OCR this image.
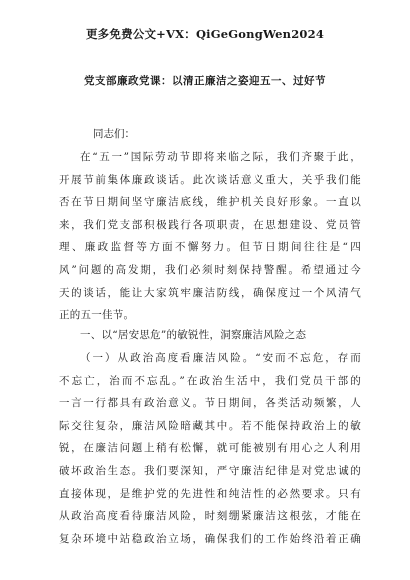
更多免费公文+VX：QiGeGongWen2024
党支部廉政党课：以清正廉洁之姿迎五一、过好节
同志们：
在“五一”国际劳动节即将来临之际，我们齐聚于此，
开展节前集体廉政谈话。此次谈话意义重大，关乎我们能
否在节日期间坚守廉洁底线，维护机关良好形象。一直以
来，我们党支部积极践行各项职责，在思想建设、党员管
理、廉政监督等方面不懈努力。但节日期间往往是“四
风”问题的高发期，我们必须时刻保持警醒。希望通过今
天的谈话，能让大家筑牢廉洁防线，确保度过一个风清气
正的五一佳节。
一、以“居安思危”的敏锐性，洞察廉洁风险之态
（一）从政治高度看廉洁风险。“安而不忘危，存而
不忘亡，治而不忘乱。”在政治生活中，我们党员干部的
一言一行都具有政治意义。节日期间，各类活动频繁，人
际交往复杂，廉洁风险暗藏其中。若不能保持政治上的敏
锐，在廉洁问题上稍有松懈，就可能被别有用心之人利用
破坏政治生态。我们要深知，严守廉洁纪律是对党忠诚的
直接体现，是维护党的先进性和纯洁性的必然要求。只有
从政治高度看待廉洁风险，时刻绷紧廉洁这根弦，才能在
复杂环境中站稳政治立场，确保我们的工作始终沿着正确
